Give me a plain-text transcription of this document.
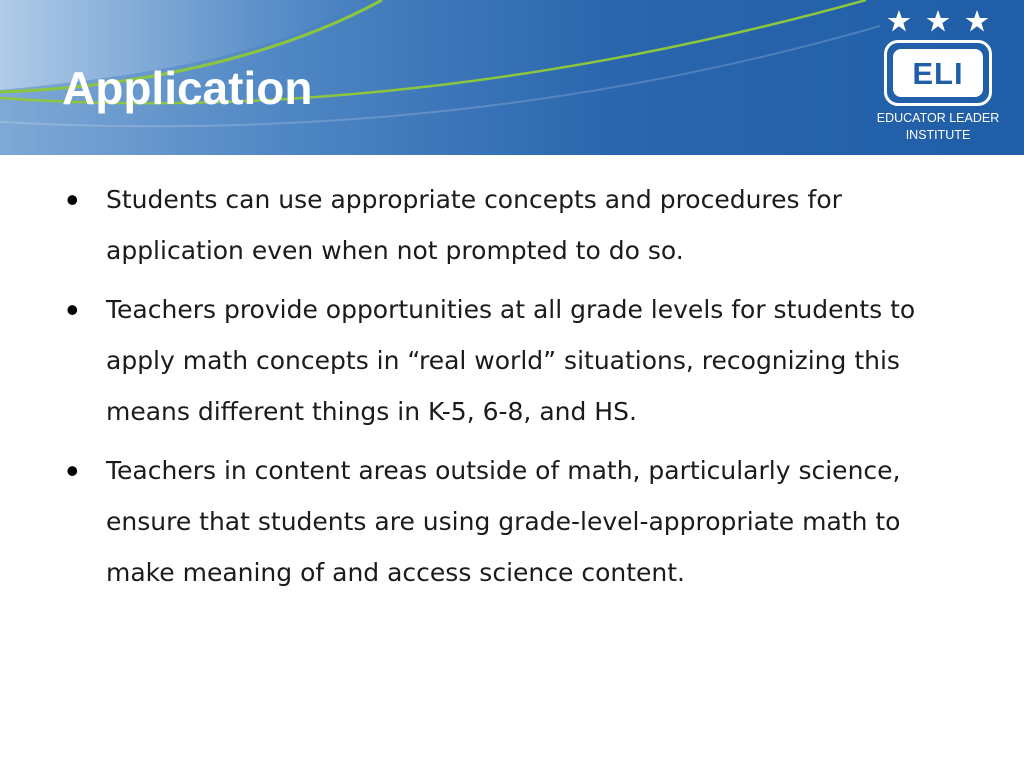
Application	ELI
EDUCATOR LEADER
INSTITUTE
• Students can use appropriate concepts and procedures for application even when not prompted to do so.
• Teachers provide opportunities at all grade levels for students to apply math concepts in “real world” situations, recognizing this means different things in K-5, 6-8, and HS.
• Teachers in content areas outside of math, particularly science, ensure that students are using grade-level-appropriate math to make meaning of and access science content.
